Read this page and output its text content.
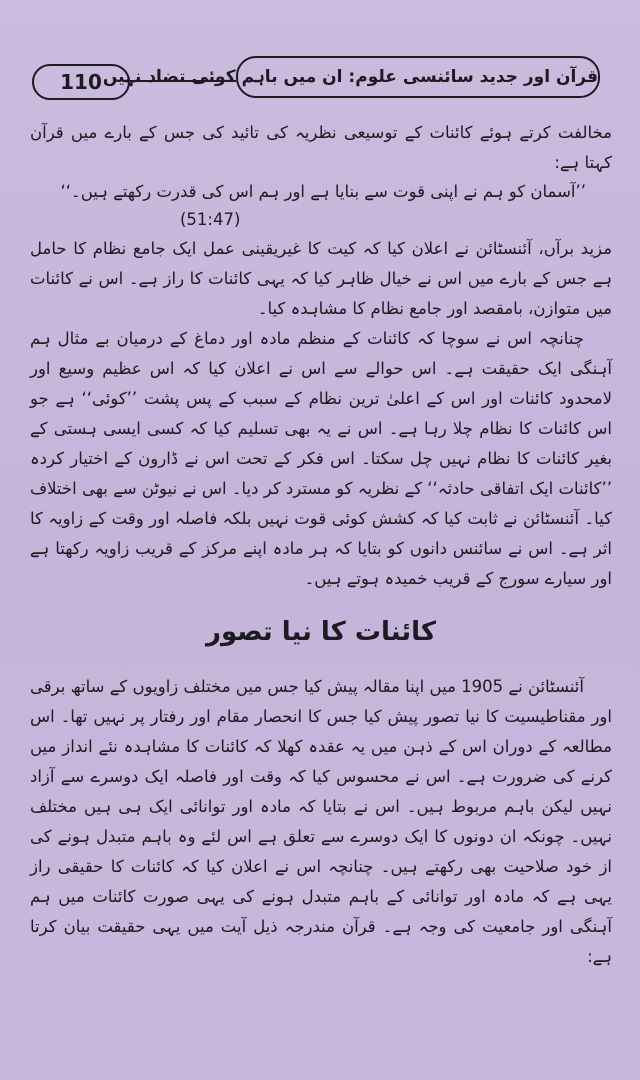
110 قرآن اور جدید سائنسی علوم: ان میں باہم کوئی تضاد نہیں

مخالفت کرتے ہوئے کائنات کے توسیعی نظریہ کی تائید کی جس کے بارے میں قرآن کہتا ہے:

’’آسمان کو ہم نے اپنی قوت سے بنایا ہے اور ہم اس کی قدرت رکھتے ہیں۔‘‘
(51:47)

مزید برآں، آئنسٹائن نے اعلان کیا کہ کیت کا غیریقینی عمل ایک جامع نظام کا حامل ہے جس کے بارے میں اس نے خیال ظاہر کیا کہ یہی کائنات کا راز ہے۔ اس نے کائنات میں متوازن، بامقصد اور جامع نظام کا مشاہدہ کیا۔

چنانچہ اس نے سوچا کہ کائنات کے منظم مادہ اور دماغ کے درمیان بے مثال ہم آہنگی ایک حقیقت ہے۔ اس حوالے سے اس نے اعلان کیا کہ اس عظیم وسیع اور لامحدود کائنات اور اس کے اعلیٰ ترین نظام کے سبب کے پس پشت ’’کوئی‘‘ ہے جو اس کائنات کا نظام چلا رہا ہے۔ اس نے یہ بھی تسلیم کیا کہ کسی ایسی ہستی کے بغیر کائنات کا نظام نہیں چل سکتا۔ اس فکر کے تحت اس نے ڈارون کے اختیار کردہ ’’کائنات ایک اتفاقی حادثہ‘‘ کے نظریہ کو مسترد کر دیا۔ اس نے نیوٹن سے بھی اختلاف کیا۔ آئنسٹائن نے ثابت کیا کہ کشش کوئی قوت نہیں بلکہ فاصلہ اور وقت کے زاویہ کا اثر ہے۔ اس نے سائنس دانوں کو بتایا کہ ہر مادہ اپنے مرکز کے قریب زاویہ رکھتا ہے اور سیارے سورج کے قریب خمیدہ ہوتے ہیں۔

کائنات کا نیا تصور

آئنسٹائن نے 1905 میں اپنا مقالہ پیش کیا جس میں مختلف زاویوں کے ساتھ برقی اور مقناطیسیت کا نیا تصور پیش کیا جس کا انحصار مقام اور رفتار پر نہیں تھا۔ اس مطالعہ کے دوران اس کے ذہن میں یہ عقدہ کھلا کہ کائنات کا مشاہدہ نئے انداز میں کرنے کی ضرورت ہے۔ اس نے محسوس کیا کہ وقت اور فاصلہ ایک دوسرے سے آزاد نہیں لیکن باہم مربوط ہیں۔ اس نے بتایا کہ مادہ اور توانائی ایک ہی ہیں مختلف نہیں۔ چونکہ ان دونوں کا ایک دوسرے سے تعلق ہے اس لئے وہ باہم متبدل ہونے کی از خود صلاحیت بھی رکھتے ہیں۔ چنانچہ اس نے اعلان کیا کہ کائنات کا حقیقی راز یہی ہے کہ مادہ اور توانائی کے باہم متبدل ہونے کی یہی صورت کائنات میں ہم آہنگی اور جامعیت کی وجہ ہے۔ قرآن مندرجہ ذیل آیت میں یہی حقیقت بیان کرتا ہے:
